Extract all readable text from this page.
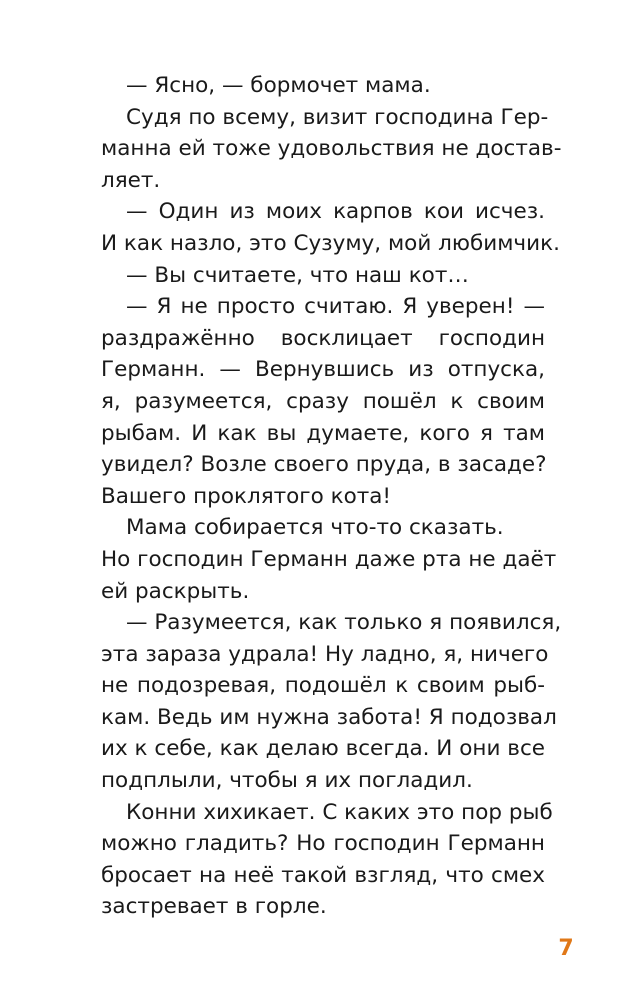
— Ясно, — бормочет мама.
Судя по всему, визит господина Гер-
манна ей тоже удовольствия не достав-
ляет.
— Один из моих карпов кои исчез.
И как назло, это Сузуму, мой любимчик.
— Вы считаете, что наш кот…
— Я не просто считаю. Я уверен! —
раздражённо восклицает господин
Германн. — Вернувшись из отпуска,
я, разумеется, сразу пошёл к своим
рыбам. И как вы думаете, кого я там
увидел? Возле своего пруда, в засаде?
Вашего проклятого кота!
Мама собирается что-то сказать.
Но господин Германн даже рта не даёт
ей раскрыть.
— Разумеется, как только я появился,
эта зараза удрала! Ну ладно, я, ничего
не подозревая, подошёл к своим рыб-
кам. Ведь им нужна забота! Я подозвал
их к себе, как делаю всегда. И они все
подплыли, чтобы я их погладил.
Конни хихикает. С каких это пор рыб
можно гладить? Но господин Германн
бросает на неё такой взгляд, что смех
застревает в горле.
7
